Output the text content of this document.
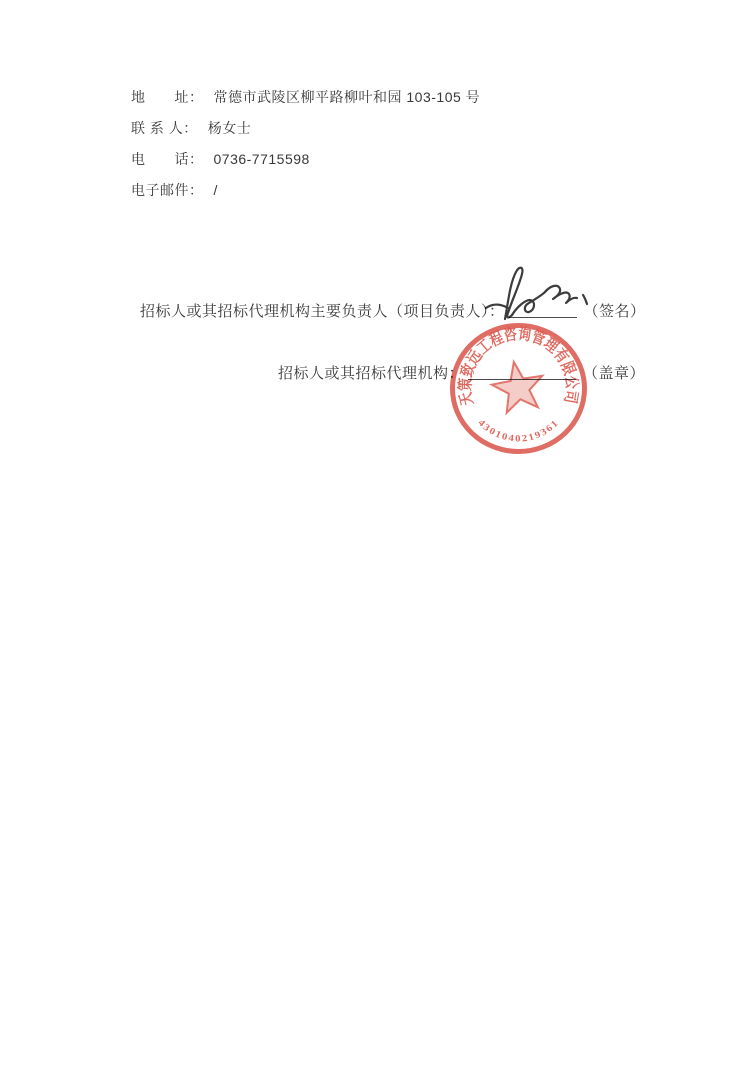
地　　址： 常德市武陵区柳平路柳叶和园 103-105 号
联 系 人： 杨女士
电　　话： 0736-7715598
电子邮件： /
招标人或其招标代理机构主要负责人（项目负责人）：	（签名）
招标人或其招标代理机构：	（盖章）
天策致远工程咨询管理有限公司
4301040219361
